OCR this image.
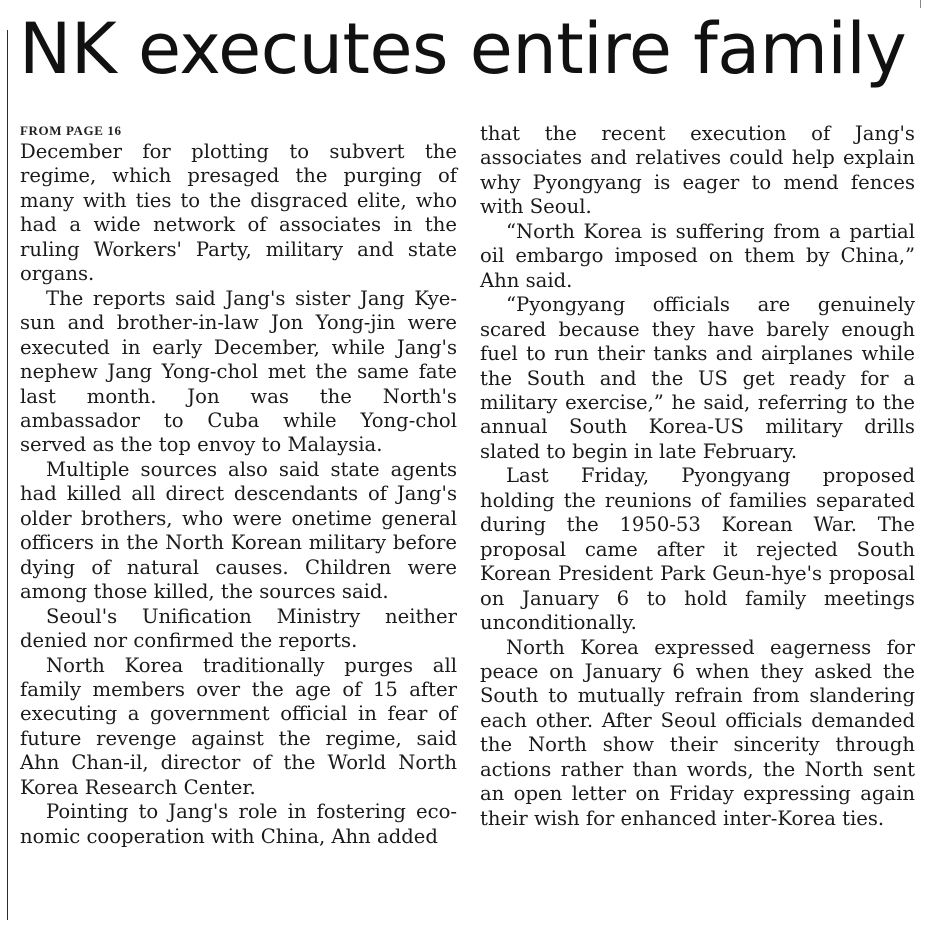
NK executes entire family
FROM PAGE 16

December for plotting to subvert the regime, which presaged the purging of many with ties to the disgraced elite, who had a wide network of associates in the ruling Workers' Party, military and state organs.

The reports said Jang's sister Jang Kye-sun and brother-in-law Jon Yong-jin were executed in early December, while Jang's nephew Jang Yong-chol met the same fate last month. Jon was the North's ambassador to Cuba while Yong-chol served as the top envoy to Malaysia.

Multiple sources also said state agents had killed all direct descendants of Jang's older brothers, who were onetime general officers in the North Korean military before dying of natural causes. Children were among those killed, the sources said.

Seoul's Unification Ministry neither denied nor confirmed the reports.

North Korea traditionally purges all family members over the age of 15 after executing a government official in fear of future revenge against the regime, said Ahn Chan-il, director of the World North Korea Research Center.

Pointing to Jang's role in fostering economic cooperation with China, Ahn added

that the recent execution of Jang's associates and relatives could help explain why Pyongyang is eager to mend fences with Seoul.

“North Korea is suffering from a partial oil embargo imposed on them by China,” Ahn said.

“Pyongyang officials are genuinely scared because they have barely enough fuel to run their tanks and airplanes while the South and the US get ready for a military exercise,” he said, referring to the annual South Korea-US military drills slated to begin in late February.

Last Friday, Pyongyang proposed holding the reunions of families separated during the 1950-53 Korean War. The proposal came after it rejected South Korean President Park Geun-hye's proposal on January 6 to hold family meetings unconditionally.

North Korea expressed eagerness for peace on January 6 when they asked the South to mutually refrain from slandering each other. After Seoul officials demanded the North show their sincerity through actions rather than words, the North sent an open letter on Friday expressing again their wish for enhanced inter-Korea ties.
